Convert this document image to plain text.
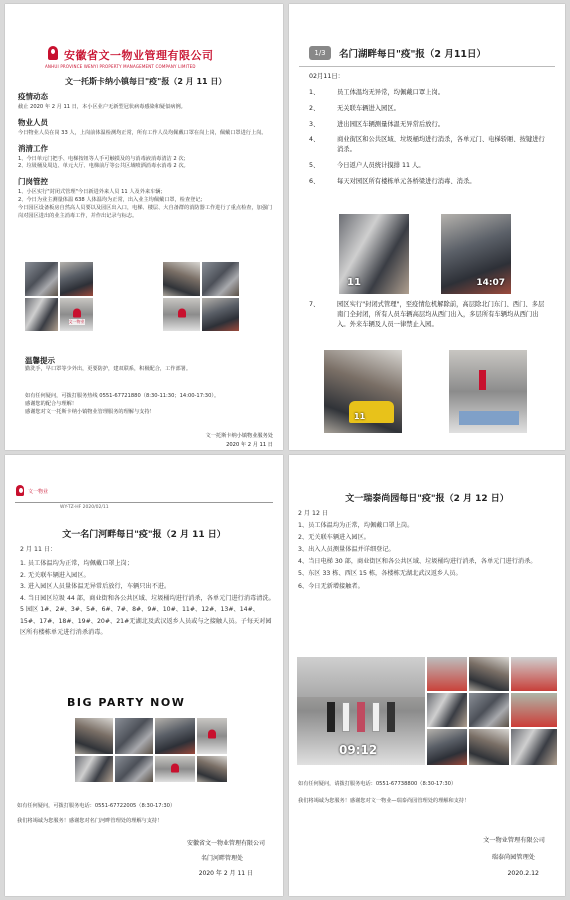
安徽省文一物业管理有限公司
ANHUI PROVINCE WENYI PROPERTY MANAGEMENT COMPANY LIMITED
文一托斯卡纳小镇每日"疫"报（2 月 11 日）
疫情动态
截止 2020 年 2 月 11 日，本小区业户无新型冠状病毒感染和疑似病例。
物业人员
今日物业人员在岗 33 人，上岗前体温检测均正常，所有工作人员均佩戴口罩在岗上岗，佩戴口罩进行上岗。
消清工作
1、今日单元门把手、电梯按钮等人手可触摸及的与消毒液消毒清洁 2 次；
2、垃圾桶及周边、单元大厅、电梯前厅等公共区域喷洒消毒水消毒 2 次。
门岗管控
1、小区实行"封闭式管理"今日新进外来人员 11 人及外来车辆；
2、今日为业主测量体温 638 人体温均为正常，出入业主均佩戴口罩，检查登记；
今日园区设备板房自然高人员要以及园区出入口，电梯、楼层、大自备群的消防器工作进行了重点检查，加强门岗对园区进出的业主消毒工作，并作出记录与标志。
文一物业
温馨提示
勤洗手，早口罩等少外出，更要防护，建双联系，积极配合，工作部署。
如有任何疑问，可拨打服务热线 0551-67721880（8:30-11:30；14:00-17:30）。
感谢您的配合与理解！
感谢您对文一托斯卡纳小镇物业管理服务的理解与支持！
文一托斯卡纳小镇物业服务处
2020 年 2 月 11 日
1/3	名门湖畔每日"疫"报（2 月11日）
02月11日：
1、	员工体温均无异常，均佩戴口罩上岗。
2、	无关联车辆进入园区。
3、	进出园区车辆测量体温无异常后放行。
4、	商业街区和公共区域、垃圾桶均进行消杀，各单元门、电梯轿厢、按键进行消杀。
5、	今日返户人员统计摸排 11 人。
6、	每天对园区所有楼栋单元各桥梁进行消毒、消杀。
11	14:07
7、	园区实行"封闭式管理"，至疫情危机解除前，高层除北门东门、西门、多层南门全封闭，所有人员车辆高层均从西门出入，多层所有车辆均从西门出入。外来车辆及人员一律禁止入园。
11
文一物业
WY-TZ-HF 2020/02/11
文一名门河畔每日"疫"报（2 月 11 日）
2 月 11 日：
1. 员工体温均为正常，均佩戴口罩上岗；
2. 无关联车辆进入园区。
3. 进入园区人员量体温无异常后放行，车辆只出不进。
4. 当日园区垃圾 44 部，商业街和各公共区域、垃圾桶均进行消杀，各单元门进行消毒清洗。
5 园区 1#、2#、3#、5#、6#、7#、8#、9#、10#、11#、12#、13#、14#、15#、17#、18#、19#、20#、21#无湖北及武汉返乡人员或与之接触人员。子每天对园区所有楼栋单元进行消杀消毒。
BIG PARTY NOW
如有任何疑问，可拨打服务电话：0551-67722005（8:30-17:30）
我们将竭诚为您服务！感谢您对名门河畔管理处的理解与支持！
安徽省文一物业管理有限公司
名门河畔管理处
2020 年 2 月 11 日
文一瑞泰尚园每日"疫"报（2 月 12 日）
2 月 12 日
1、员工体温均为正常，均佩戴口罩上岗。
2、无关联车辆进入园区。
3、出入人员测量体温并详细登记。
4、当日电梯 30 部，商业街区和各公共区域、垃圾桶均进行消杀，各单元门进行消杀。
5、东区 33 栋、西区 15 栋，各楼栋无湖北武汉返乡人员。
6、今日无新增接触者。
09:12
如有任何疑问，请拨打服务电话：0551-67738800（8:30-17:30）
我们将竭诚为您服务！感谢您对文一物业—瑞泰尚园管理处的理解和支持！
文一物业管理有限公司
瑞泰尚园管理处
2020.2.12
